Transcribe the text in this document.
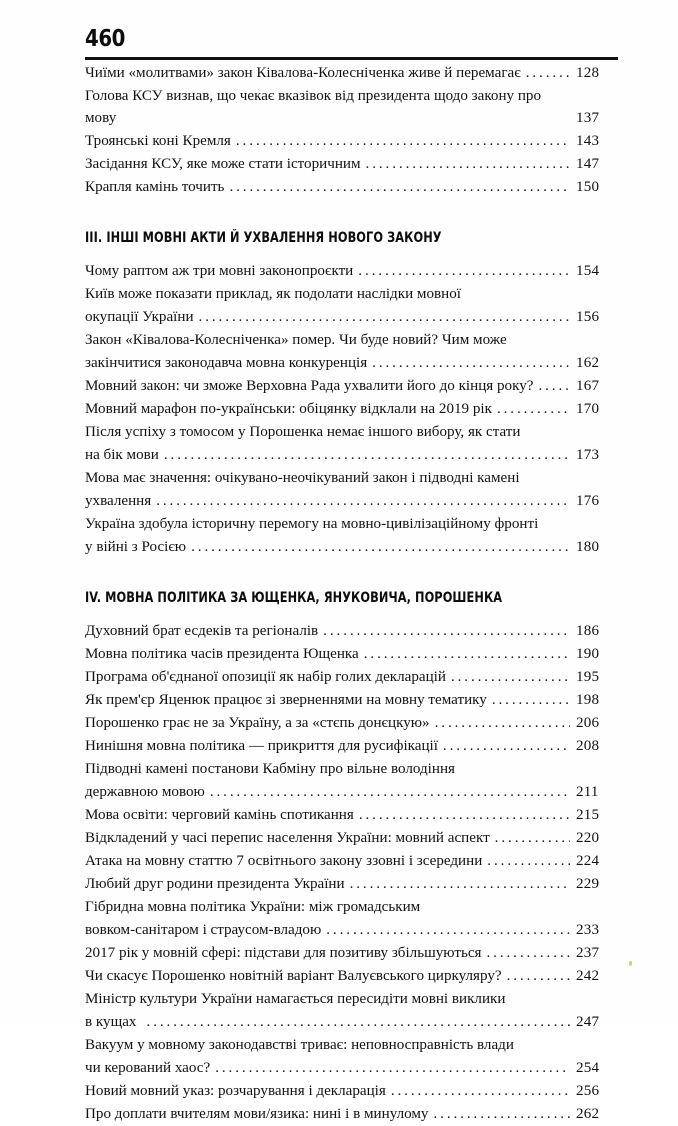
460
Чиїми «молитвами» закон Ківалова-Колесніченка живе й перемагає .....	128
Голова КСУ визнав, що чекає вказівок від президента щодо закону про мову	137
Троянські коні Кремля .....	143
Засідання КСУ, яке може стати історичним .....	147
Крапля камінь точить .....	150
III. ІНШІ МОВНІ АКТИ Й УХВАЛЕННЯ НОВОГО ЗАКОНУ
Чому раптом аж три мовні законопроєкти .....	154
Київ може показати приклад, як подолати наслідки мовної
окупації України .....	156
Закон «Ківалова-Колесніченка» помер. Чи буде новий? Чим може
закінчитися законодавча мовна конкуренція .....	162
Мовний закон: чи зможе Верховна Рада ухвалити його до кінця року? .....	167
Мовний марафон по-українськи: обіцянку відклали на 2019 рік .....	170
Після успіху з томосом у Порошенка немає іншого вибору, як стати
на бік мови .....	173
Мова має значення: очікувано-неочікуваний закон і підводні камені
ухвалення .....	176
Україна здобула історичну перемогу на мовно-цивілізаційному фронті
у війні з Росією .....	180
IV. МОВНА ПОЛІТИКА ЗА ЮЩЕНКА, ЯНУКОВИЧА, ПОРОШЕНКА
Духовний брат есдеків та регіоналів .....	186
Мовна політика часів президента Ющенка .....	190
Програма об'єднаної опозиції як набір голих декларацій .....	195
Як прем'єр Яценюк працює зі зверненнями на мовну тематику .....	198
Порошенко грає не за Україну, а за «стєпь донєцкую» .....	206
Нинішня мовна політика — прикриття для русифікації .....	208
Підводні камені постанови Кабміну про вільне володіння
державною мовою .....	211
Мова освіти: черговий камінь спотикання .....	215
Відкладений у часі перепис населення України: мовний аспект .....	220
Атака на мовну статтю 7 освітнього закону ззовні і зсередини .....	224
Любий друг родини президента України .....	229
Гібридна мовна політика України: між громадським
вовком-санітаром і страусом-владою .....	233
2017 рік у мовній сфері: підстави для позитиву збільшуються .....	237
Чи скасує Порошенко новітній варіант Валуєвського циркуляру? .....	242
Міністр культури України намагається пересидіти мовні виклики
в кущах .....	247
Вакуум у мовному законодавстві триває: неповносправність влади
чи керований хаос? .....	254
Новий мовний указ: розчарування і декларація .....	256
Про доплати вчителям мови/язика: нині і в минулому .....	262
